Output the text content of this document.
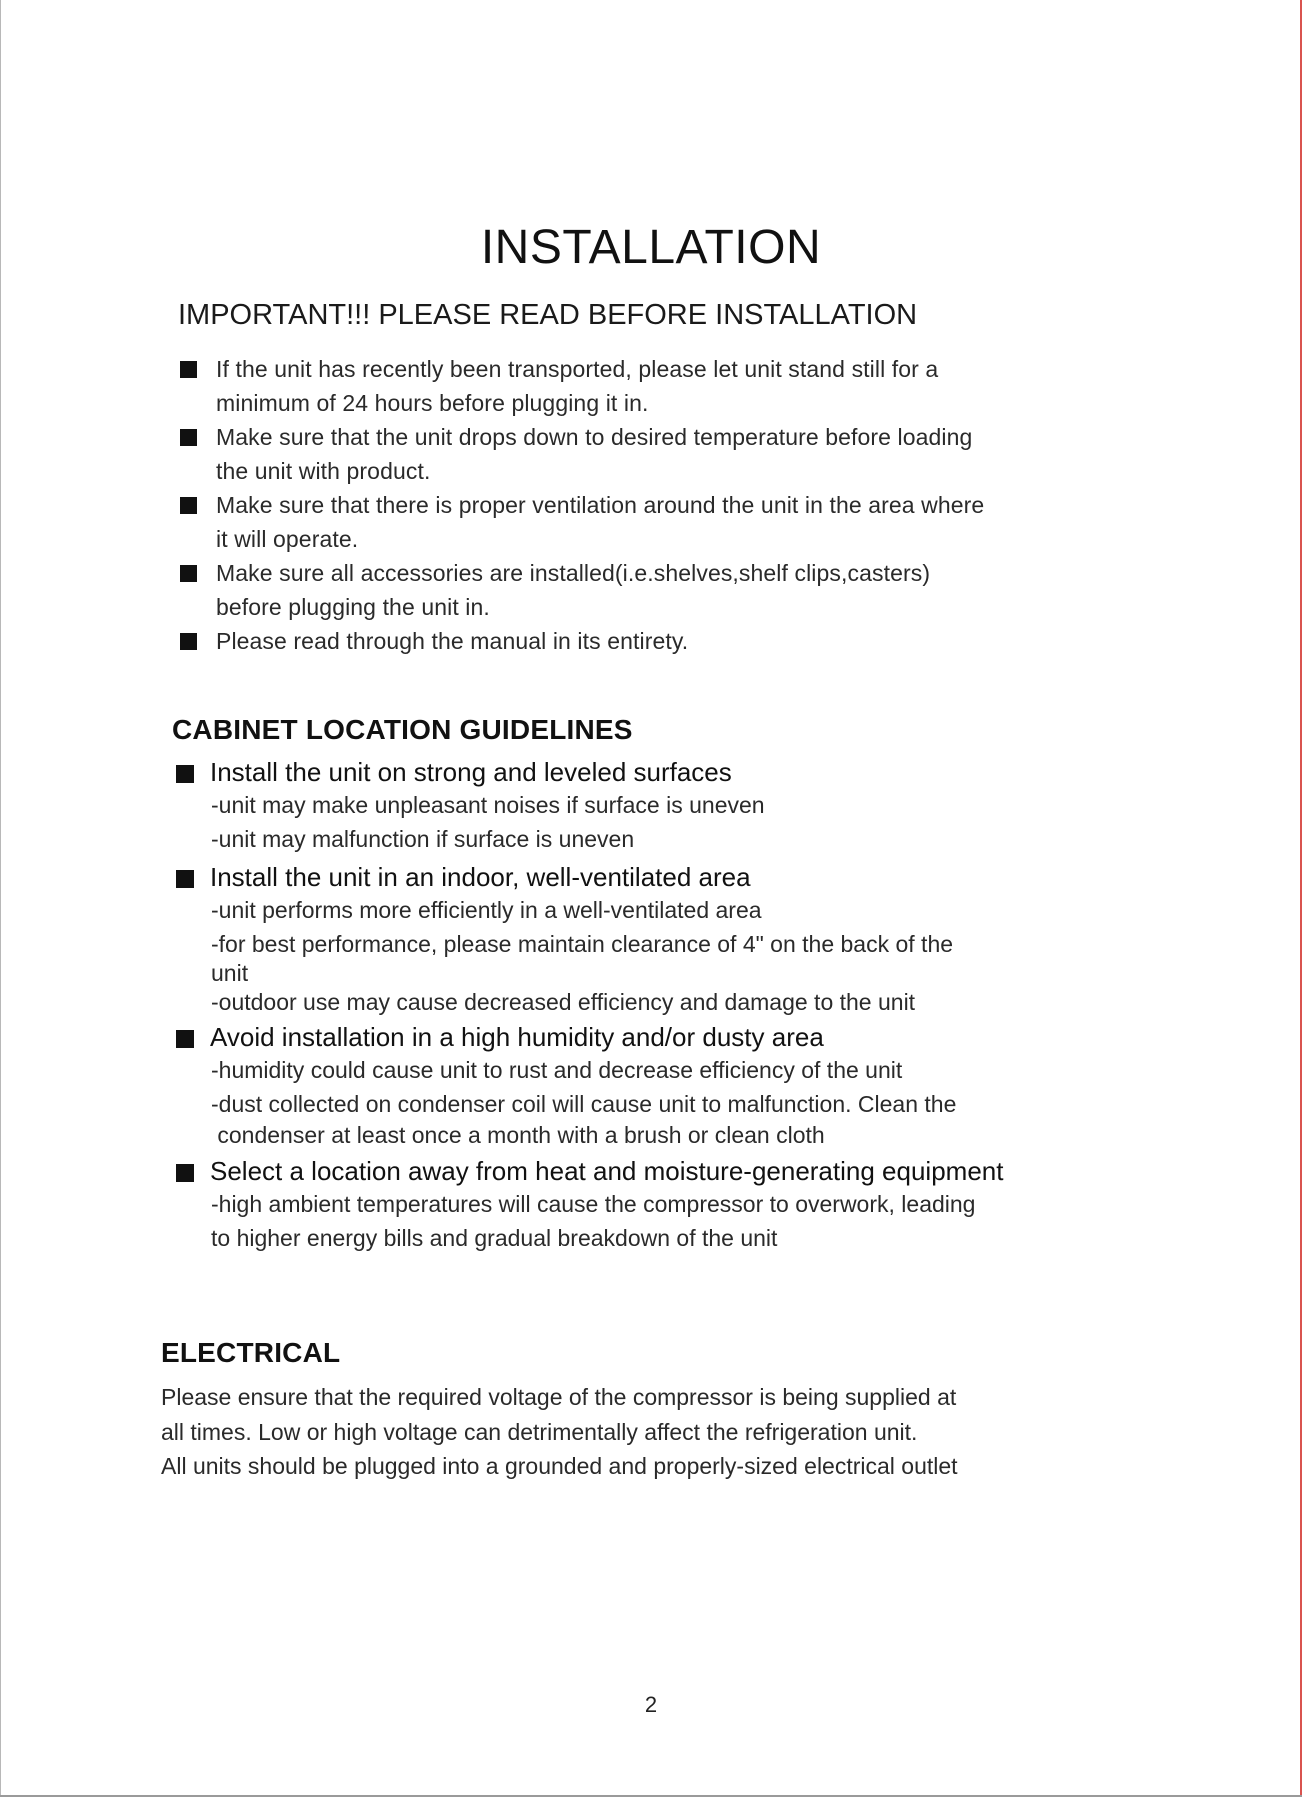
INSTALLATION
IMPORTANT!!! PLEASE READ BEFORE INSTALLATION
If the unit has recently been transported, please let unit stand still for a
minimum of 24 hours before plugging it in.
Make sure that the unit drops down to desired temperature before loading
the unit with product.
Make sure that there is proper ventilation around the unit in the area where
it will operate.
Make sure all accessories are installed(i.e.shelves,shelf clips,casters)
before plugging the unit in.
Please read through the manual in its entirety.
CABINET LOCATION GUIDELINES
Install the unit on strong and leveled surfaces
-unit may make unpleasant noises if surface is uneven
-unit may malfunction if surface is uneven
Install the unit in an indoor, well-ventilated area
-unit performs more efficiently in a well-ventilated area
-for best performance, please maintain clearance of 4" on the back of the
unit
-outdoor use may cause decreased efficiency and damage to the unit
Avoid installation in a high humidity and/or dusty area
-humidity could cause unit to rust and decrease efficiency of the unit
-dust collected on condenser coil will cause unit to malfunction. Clean the
condenser at least once a month with a brush or clean cloth
Select a location away from heat and moisture-generating equipment
-high ambient temperatures will cause the compressor to overwork, leading
to higher energy bills and gradual breakdown of the unit
ELECTRICAL
Please ensure that the required voltage of the compressor is being supplied at
all times. Low or high voltage can detrimentally affect the refrigeration unit.
All units should be plugged into a grounded and properly-sized electrical outlet
2
